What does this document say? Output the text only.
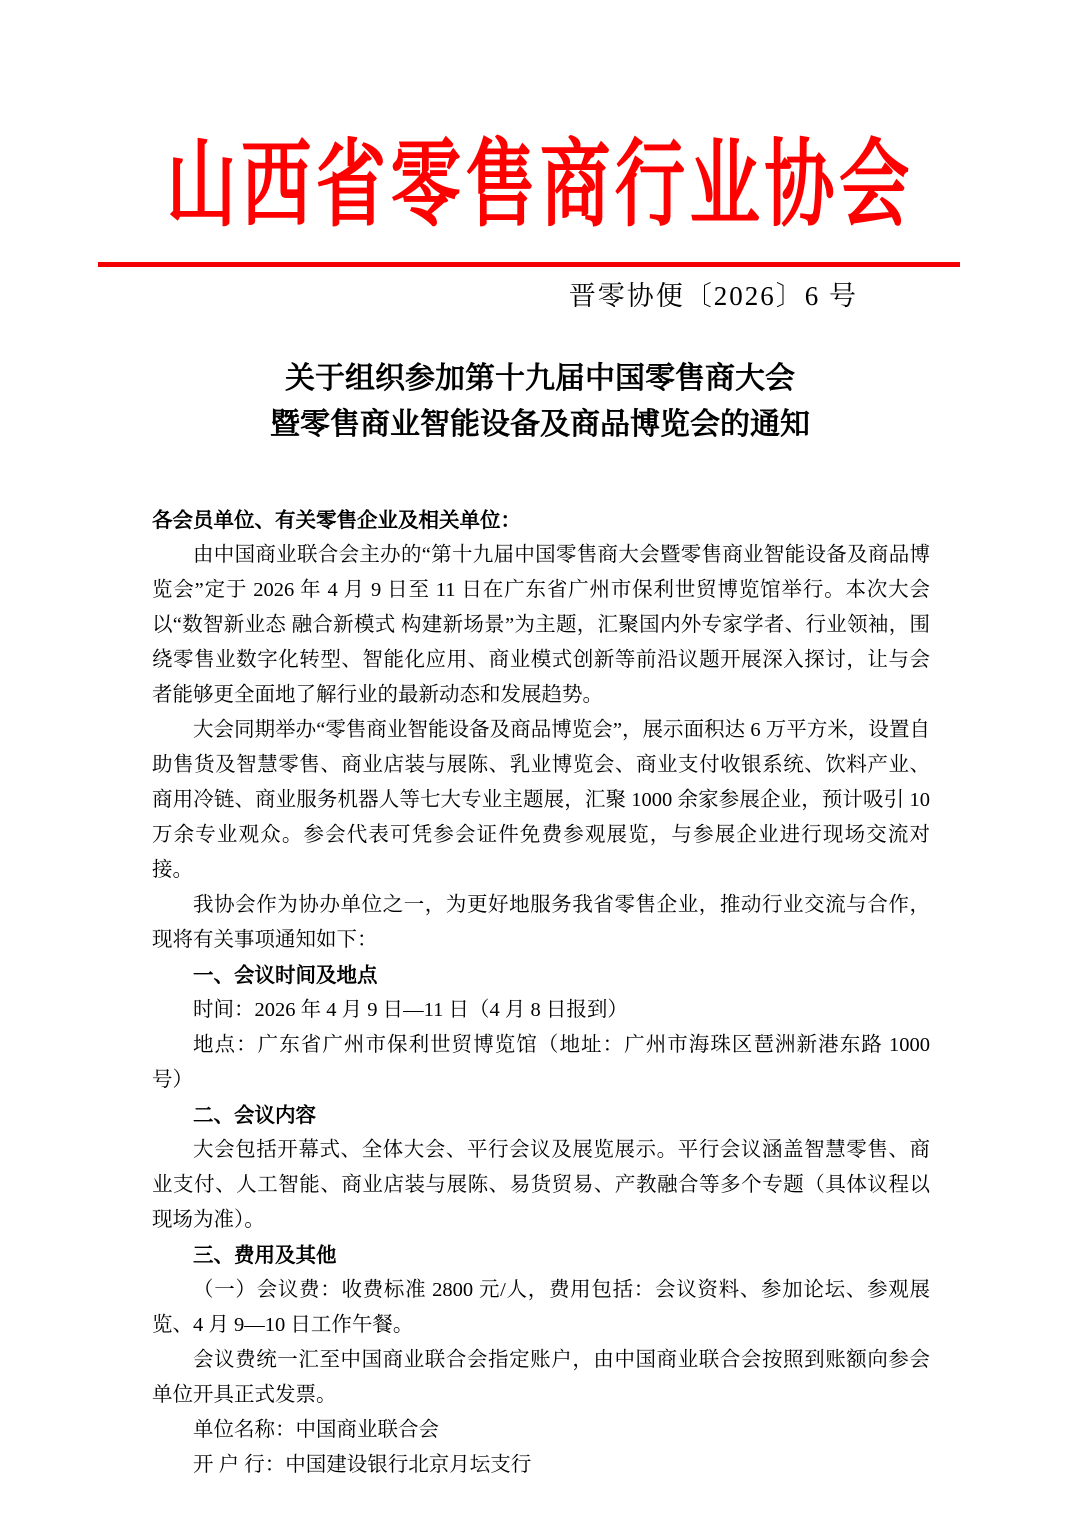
山西省零售商行业协会
晋零协便〔2026〕6 号
关于组织参加第十九届中国零售商大会
暨零售商业智能设备及商品博览会的通知

各会员单位、有关零售企业及相关单位：

由中国商业联合会主办的“第十九届中国零售商大会暨零售商业智能设备及商品博览会”定于 2026 年 4 月 9 日至 11 日在广东省广州市保利世贸博览馆举行。本次大会以“数智新业态 融合新模式 构建新场景”为主题，汇聚国内外专家学者、行业领袖，围绕零售业数字化转型、智能化应用、商业模式创新等前沿议题开展深入探讨，让与会者能够更全面地了解行业的最新动态和发展趋势。

大会同期举办“零售商业智能设备及商品博览会”，展示面积达 6 万平方米，设置自助售货及智慧零售、商业店装与展陈、乳业博览会、商业支付收银系统、饮料产业、商用冷链、商业服务机器人等七大专业主题展，汇聚 1000 余家参展企业，预计吸引 10 万余专业观众。参会代表可凭参会证件免费参观展览，与参展企业进行现场交流对接。

我协会作为协办单位之一，为更好地服务我省零售企业，推动行业交流与合作，现将有关事项通知如下：

一、会议时间及地点

时间：2026 年 4 月 9 日—11 日（4 月 8 日报到）

地点：广东省广州市保利世贸博览馆（地址：广州市海珠区琶洲新港东路 1000 号）

二、会议内容

大会包括开幕式、全体大会、平行会议及展览展示。平行会议涵盖智慧零售、商业支付、人工智能、商业店装与展陈、易货贸易、产教融合等多个专题（具体议程以现场为准）。

三、费用及其他

（一）会议费：收费标准 2800 元/人，费用包括：会议资料、参加论坛、参观展览、4 月 9—10 日工作午餐。

会议费统一汇至中国商业联合会指定账户，由中国商业联合会按照到账额向参会单位开具正式发票。

单位名称：中国商业联合会

开 户 行：中国建设银行北京月坛支行
